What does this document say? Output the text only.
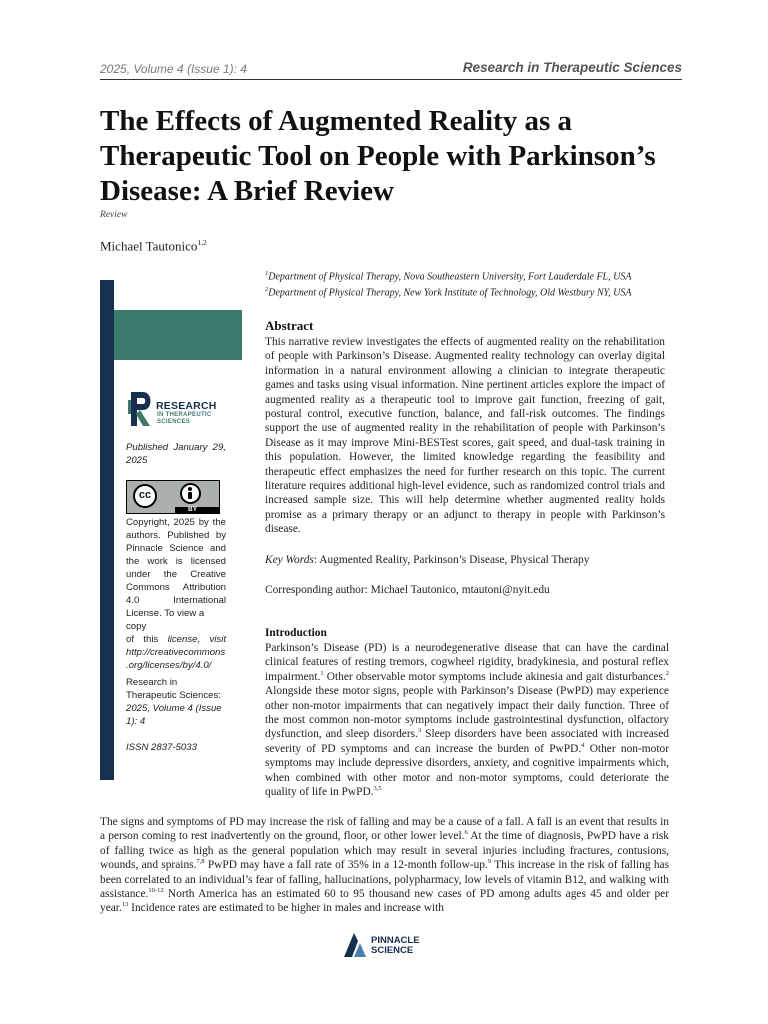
2025, Volume 4 (Issue 1): 4	Research in Therapeutic Sciences
The Effects of Augmented Reality as a Therapeutic Tool on People with Parkinson’s Disease: A Brief Review
Review
Michael Tautonico$^{1,2}$
$^1$Department of Physical Therapy, Nova Southeastern University, Fort Lauderdale FL, USA
$^2$Department of Physical Therapy, New York Institute of Technology, Old Westbury NY, USA
RESEARCH
IN THERAPEUTIC
SCIENCES
Published January 29,
2025
cc
BY
Copyright, 2025 by the
authors. Published by
Pinnacle Science and
the work is licensed
under the Creative
Commons Attribution
4.0 International
License. To view a copy
of this license, visit
http://creativecommons
.org/licenses/by/4.0/
Research in
Therapeutic Sciences:
2025, Volume 4 (Issue 1): 4
ISSN 2837-5033
Abstract
This narrative review investigates the effects of augmented reality on the rehabilitation of people with Parkinson’s Disease. Augmented reality technology can overlay digital information in a natural environment allowing a clinician to integrate therapeutic games and tasks using visual information. Nine pertinent articles explore the impact of augmented reality as a therapeutic tool to improve gait function, freezing of gait, postural control, executive function, balance, and fall-risk outcomes. The findings support the use of augmented reality in the rehabilitation of people with Parkinson’s Disease as it may improve Mini-BESTest scores, gait speed, and dual-task training in this population. However, the limited knowledge regarding the feasibility and therapeutic effect emphasizes the need for further research on this topic. The current literature requires additional high-level evidence, such as randomized control trials and increased sample size. This will help determine whether augmented reality holds promise as a primary therapy or an adjunct to therapy in people with Parkinson’s disease.
Key Words: Augmented Reality, Parkinson’s Disease, Physical Therapy
Corresponding author: Michael Tautonico, mtautoni@nyit.edu
Introduction
Parkinson’s Disease (PD) is a neurodegenerative disease that can have the cardinal clinical features of resting tremors, cogwheel rigidity, bradykinesia, and postural reflex impairment.$^1$ Other observable motor symptoms include akinesia and gait disturbances.$^2$ Alongside these motor signs, people with Parkinson’s Disease (PwPD) may experience other non-motor impairments that can negatively impact their daily function. Three of the most common non-motor symptoms include gastrointestinal dysfunction, olfactory dysfunction, and sleep disorders.$^3$ Sleep disorders have been associated with increased severity of PD symptoms and can increase the burden of PwPD.$^4$ Other non-motor symptoms may include depressive disorders, anxiety, and cognitive impairments which, when combined with other motor and non-motor symptoms, could deteriorate the quality of life in PwPD.$^{3,5}$
The signs and symptoms of PD may increase the risk of falling and may be a cause of a fall. A fall is an event that results in a person coming to rest inadvertently on the ground, floor, or other lower level.$^6$ At the time of diagnosis, PwPD have a risk of falling twice as high as the general population which may result in several injuries including fractures, contusions, wounds, and sprains.$^{7,8}$ PwPD may have a fall rate of 35% in a 12-month follow-up.$^9$ This increase in the risk of falling has been correlated to an individual’s fear of falling, hallucinations, polypharmacy, low levels of vitamin B12, and walking with assistance.$^{10-12}$ North America has an estimated 60 to 95 thousand new cases of PD among adults ages 45 and older per year.$^{13}$ Incidence rates are estimated to be higher in males and increase with
PINNACLE
SCIENCE
